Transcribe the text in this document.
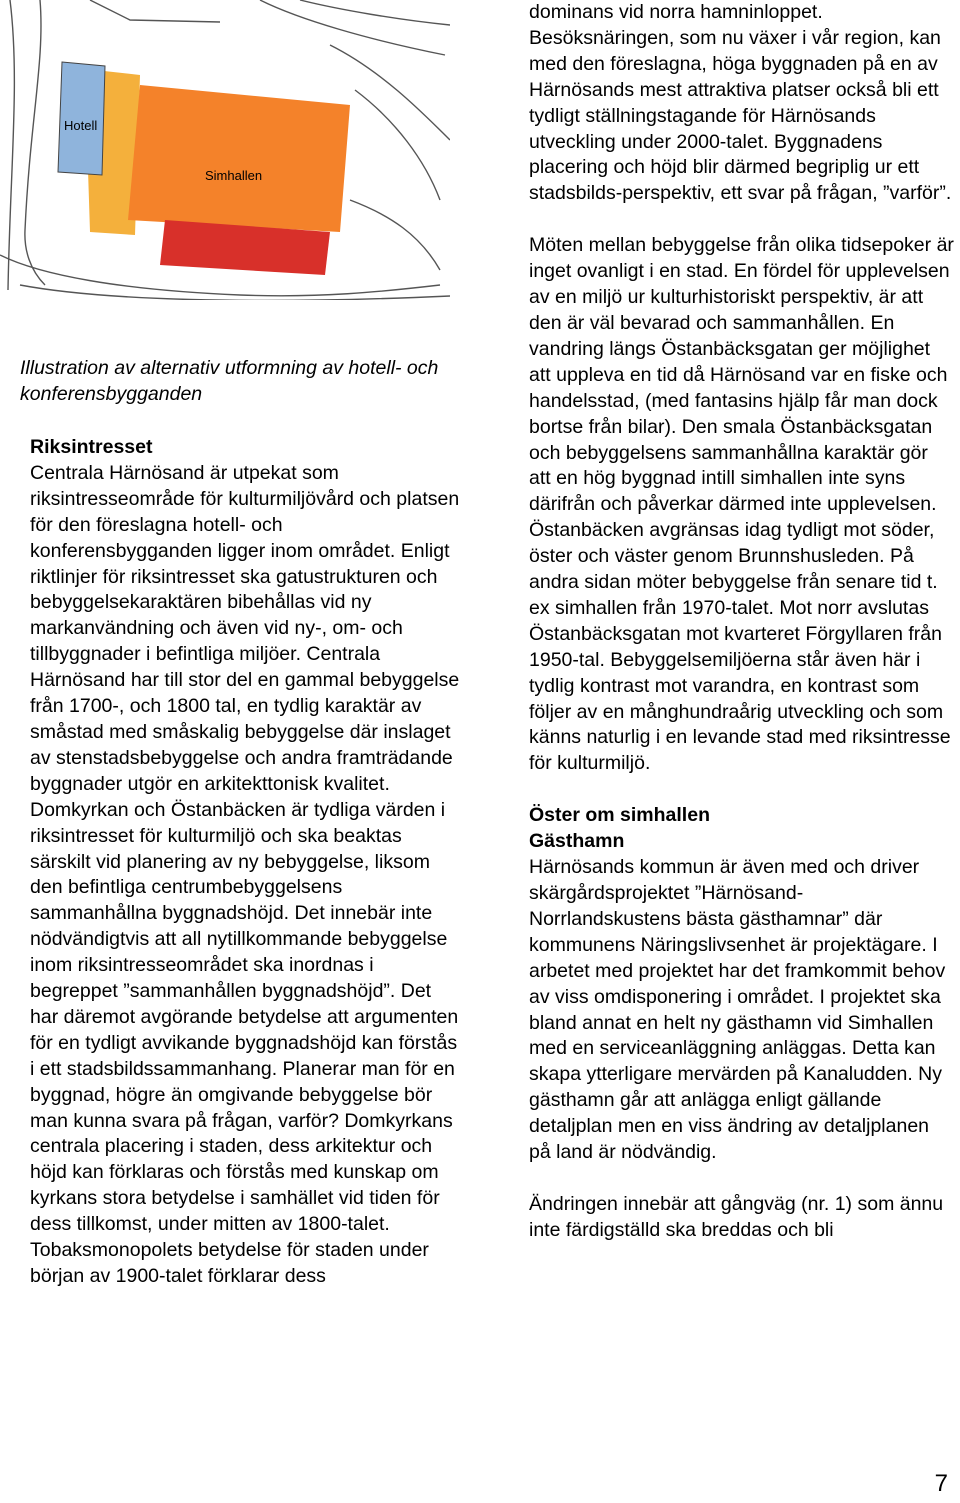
Hotell
Simhallen

Illustration av alternativ utformning av hotell- och konferensbygganden

Riksintresset

Centrala Härnösand är utpekat som riksintresseområde för kulturmiljövård och platsen för den föreslagna hotell- och konferensbygganden ligger inom området. Enligt riktlinjer för riksintresset ska gatustrukturen och bebyggelsekaraktären bibehållas vid ny markanvändning och även vid ny-, om- och tillbyggnader i befintliga miljöer. Centrala Härnösand har till stor del en gammal bebyggelse från 1700-, och 1800 tal, en tydlig karaktär av småstad med småskalig bebyggelse där inslaget av stenstadsbebyggelse och andra framträdande byggnader utgör en arkitekttonisk kvalitet. Domkyrkan och Östanbäcken är tydliga värden i riksintresset för kulturmiljö och ska beaktas särskilt vid planering av ny bebyggelse, liksom den befintliga centrumbebyggelsens sammanhållna byggnadshöjd. Det innebär inte nödvändigtvis att all nytillkommande bebyggelse inom riksintresseområdet ska inordnas i begreppet ”sammanhållen byggnadshöjd”. Det har däremot avgörande betydelse att argumenten för en tydligt avvikande byggnadshöjd kan förstås i ett stadsbildssammanhang. Planerar man för en byggnad, högre än omgivande bebyggelse bör man kunna svara på frågan, varför? Domkyrkans centrala placering i staden, dess arkitektur och höjd kan förklaras och förstås med kunskap om kyrkans stora betydelse i samhället vid tiden för dess tillkomst, under mitten av 1800-talet. Tobaksmonopolets betydelse för staden under början av 1900-talet förklarar dess

dominans vid norra hamninloppet. Besöksnäringen, som nu växer i vår region, kan med den föreslagna, höga byggnaden på en av Härnösands mest attraktiva platser också bli ett tydligt ställningstagande för Härnösands utveckling under 2000-talet. Byggnadens placering och höjd blir därmed begriplig ur ett stadsbilds-perspektiv, ett svar på frågan, ”varför”.

Möten mellan bebyggelse från olika tidsepoker är inget ovanligt i en stad. En fördel för upplevelsen av en miljö ur kulturhistoriskt perspektiv, är att den är väl bevarad och sammanhållen. En vandring längs Östanbäcksgatan ger möjlighet att uppleva en tid då Härnösand var en fiske och handelsstad, (med fantasins hjälp får man dock bortse från bilar). Den smala Östanbäcksgatan och bebyggelsens sammanhållna karaktär gör att en hög byggnad intill simhallen inte syns därifrån och påverkar därmed inte upplevelsen. Östanbäcken avgränsas idag tydligt mot söder, öster och väster genom Brunnshusleden. På andra sidan möter bebyggelse från senare tid t. ex simhallen från 1970-talet. Mot norr avslutas Östanbäcksgatan mot kvarteret Förgyllaren från 1950-tal. Bebyggelsemiljöerna står även här i tydlig kontrast mot varandra, en kontrast som följer av en månghundraårig utveckling och som känns naturlig i en levande stad med riksintresse för kulturmiljö.

Öster om simhallen

Gästhamn

Härnösands kommun är även med och driver skärgårdsprojektet ”Härnösand-Norrlandskustens bästa gästhamnar” där kommunens Näringslivsenhet är projektägare. I arbetet med projektet har det framkommit behov av viss omdisponering i området. I projektet ska bland annat en helt ny gästhamn vid Simhallen med en serviceanläggning anläggas. Detta kan skapa ytterligare mervärden på Kanaludden. Ny gästhamn går att anlägga enligt gällande detaljplan men en viss ändring av detaljplanen på land är nödvändig.

Ändringen innebär att gångväg (nr. 1) som ännu inte färdigställd ska breddas och bli

7
